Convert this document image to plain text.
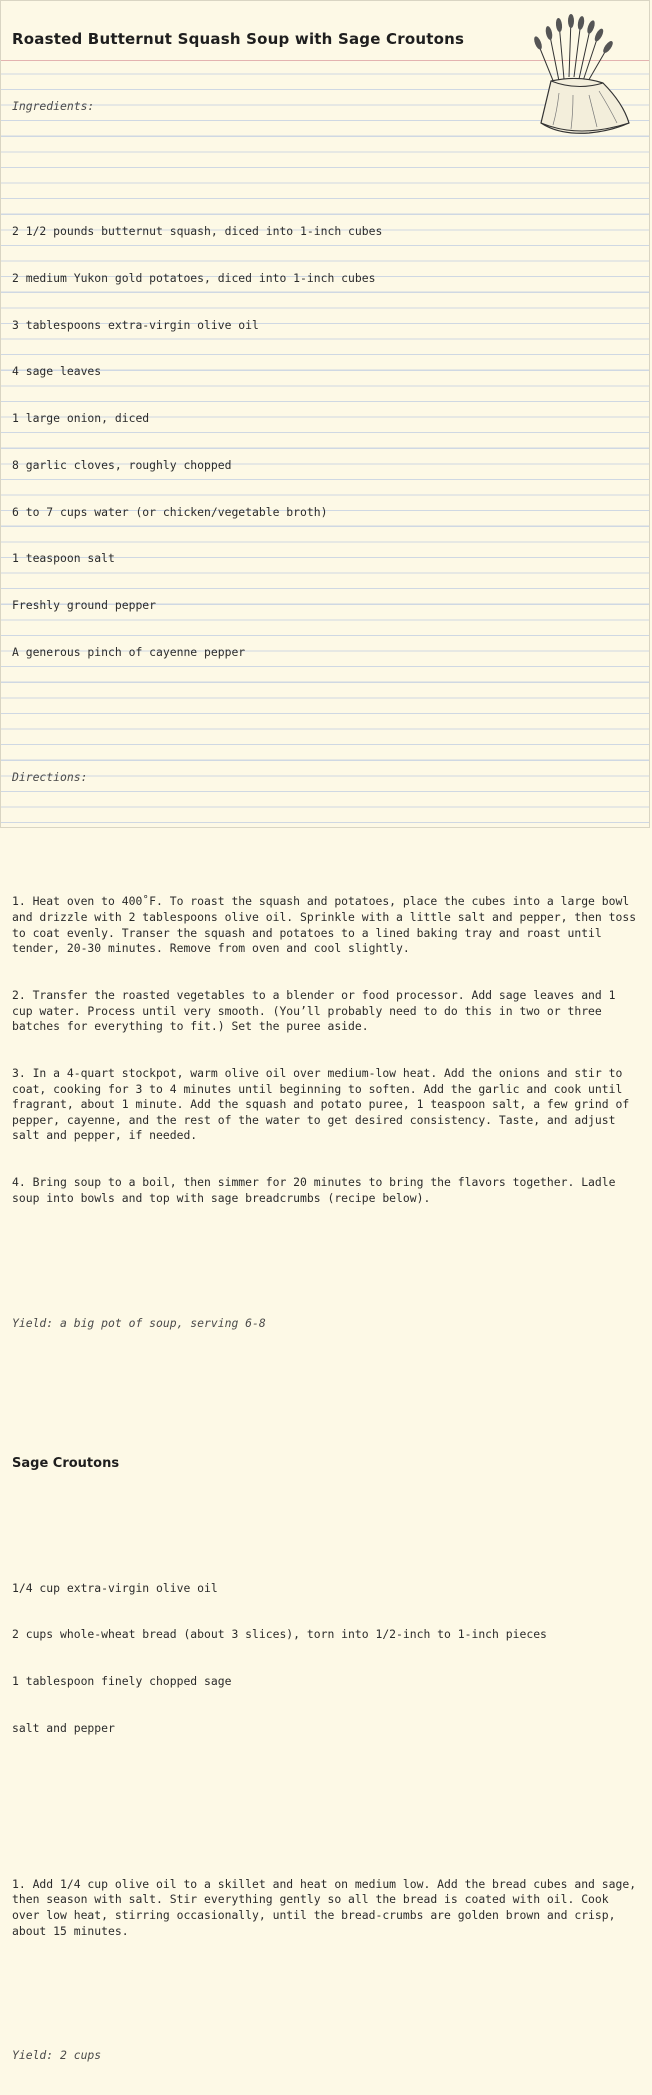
Roasted Butternut Squash Soup with Sage Croutons

Ingredients:

2 1/2 pounds butternut squash, diced into 1-inch cubes

2 medium Yukon gold potatoes, diced into 1-inch cubes

3 tablespoons extra-virgin olive oil

4 sage leaves

1 large onion, diced

8 garlic cloves, roughly chopped

6 to 7 cups water (or chicken/vegetable broth)

1 teaspoon salt

Freshly ground pepper

A generous pinch of cayenne pepper

Directions:

1. Heat oven to 400˚F. To roast the squash and potatoes, place the cubes into a large bowl and drizzle with 2 tablespoons olive oil. Sprinkle with a little salt and pepper, then toss to coat evenly. Transer the squash and potatoes to a lined baking tray and roast until tender, 20-30 minutes. Remove from oven and cool slightly.

2. Transfer the roasted vegetables to a blender or food processor. Add sage leaves and 1 cup water. Process until very smooth. (You’ll probably need to do this in two or three batches for everything to fit.) Set the puree aside.

3. In a 4-quart stockpot, warm olive oil over medium-low heat. Add the onions and stir to coat, cooking for 3 to 4 minutes until beginning to soften. Add the garlic and cook until fragrant, about 1 minute. Add the squash and potato puree, 1 teaspoon salt, a few grind of pepper, cayenne, and the rest of the water to get desired consistency. Taste, and adjust salt and pepper, if needed.

4. Bring soup to a boil, then simmer for 20 minutes to bring the flavors together. Ladle soup into bowls and top with sage breadcrumbs (recipe below).

Yield: a big pot of soup, serving 6-8

Sage Croutons

1/4 cup extra-virgin olive oil

2 cups whole-wheat bread (about 3 slices), torn into 1/2-inch to 1-inch pieces

1 tablespoon finely chopped sage

salt and pepper

1. Add 1/4 cup olive oil to a skillet and heat on medium low. Add the bread cubes and sage, then season with salt. Stir everything gently so all the bread is coated with oil. Cook over low heat, stirring occasionally, until the bread-crumbs are golden brown and crisp, about 15 minutes.

Yield: 2 cups
